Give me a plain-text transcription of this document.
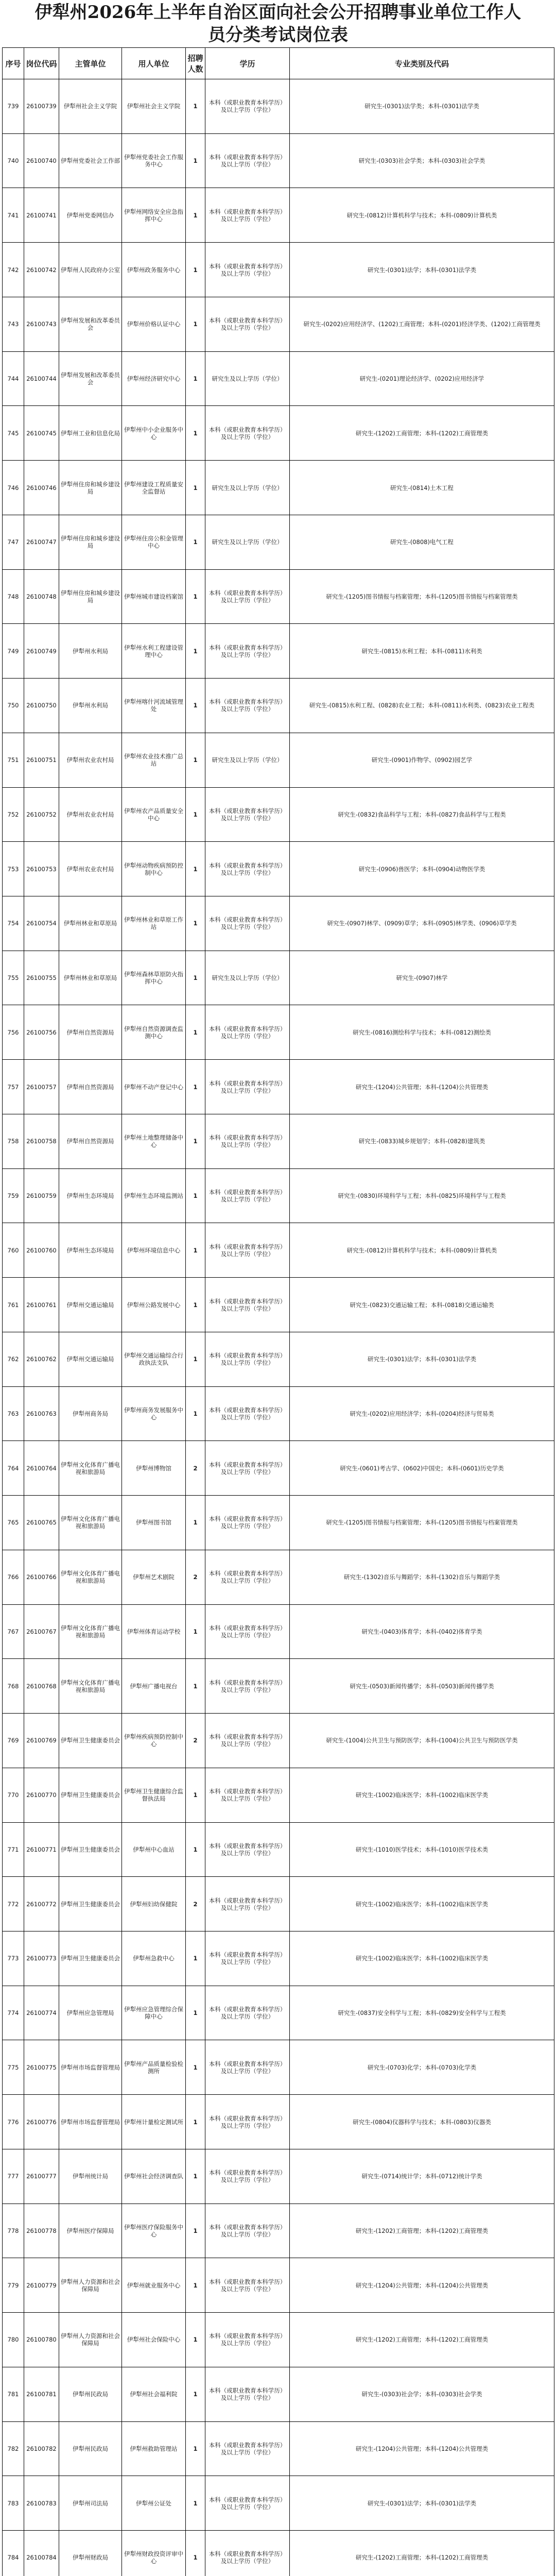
伊犁州2026年上半年自治区面向社会公开招聘事业单位工作人员分类考试岗位表
序号	岗位代码	主管单位	用人单位	招聘人数	学历	专业类别及代码
739	26100739	伊犁州社会主义学院	伊犁州社会主义学院	1	本科（或职业教育本科学历）及以上学历（学位）	研究生-(0301)法学类；本科-(0301)法学类
740	26100740	伊犁州党委社会工作部	伊犁州党委社会工作服务中心	1	本科（或职业教育本科学历）及以上学历（学位）	研究生-(0303)社会学类；本科-(0303)社会学类
741	26100741	伊犁州党委网信办	伊犁州网络安全应急指挥中心	1	本科（或职业教育本科学历）及以上学历（学位）	研究生-(0812)计算机科学与技术；本科-(0809)计算机类
742	26100742	伊犁州人民政府办公室	伊犁州政务服务中心	1	本科（或职业教育本科学历）及以上学历（学位）	研究生-(0301)法学；本科-(0301)法学类
743	26100743	伊犁州发展和改革委员会	伊犁州价格认证中心	1	本科（或职业教育本科学历）及以上学历（学位）	研究生-(0202)应用经济学、(1202)工商管理；本科-(0201)经济学类、(1202)工商管理类
744	26100744	伊犁州发展和改革委员会	伊犁州经济研究中心	1	研究生及以上学历（学位）	研究生-(0201)理论经济学、(0202)应用经济学
745	26100745	伊犁州工业和信息化局	伊犁州中小企业服务中心	1	本科（或职业教育本科学历）及以上学历（学位）	研究生-(1202)工商管理；本科-(1202)工商管理类
746	26100746	伊犁州住房和城乡建设局	伊犁州建设工程质量安全监督站	1	研究生及以上学历（学位）	研究生-(0814)土木工程
747	26100747	伊犁州住房和城乡建设局	伊犁州住房公积金管理中心	1	研究生及以上学历（学位）	研究生-(0808)电气工程
748	26100748	伊犁州住房和城乡建设局	伊犁州城市建设档案馆	1	本科（或职业教育本科学历）及以上学历（学位）	研究生-(1205)图书情报与档案管理；本科-(1205)图书情报与档案管理类
749	26100749	伊犁州水利局	伊犁州水利工程建设管理中心	1	本科（或职业教育本科学历）及以上学历（学位）	研究生-(0815)水利工程；本科-(0811)水利类
750	26100750	伊犁州水利局	伊犁州喀什河流域管理处	1	本科（或职业教育本科学历）及以上学历（学位）	研究生-(0815)水利工程、(0828)农业工程；本科-(0811)水利类、(0823)农业工程类
751	26100751	伊犁州农业农村局	伊犁州农业技术推广总站	1	研究生及以上学历（学位）	研究生-(0901)作物学、(0902)园艺学
752	26100752	伊犁州农业农村局	伊犁州农产品质量安全中心	1	本科（或职业教育本科学历）及以上学历（学位）	研究生-(0832)食品科学与工程；本科-(0827)食品科学与工程类
753	26100753	伊犁州农业农村局	伊犁州动物疾病预防控制中心	1	本科（或职业教育本科学历）及以上学历（学位）	研究生-(0906)兽医学；本科-(0904)动物医学类
754	26100754	伊犁州林业和草原局	伊犁州林业和草原工作站	1	本科（或职业教育本科学历）及以上学历（学位）	研究生-(0907)林学、(0909)草学；本科-(0905)林学类、(0906)草学类
755	26100755	伊犁州林业和草原局	伊犁州森林草原防火指挥中心	1	研究生及以上学历（学位）	研究生-(0907)林学
756	26100756	伊犁州自然资源局	伊犁州自然资源调查监测中心	1	本科（或职业教育本科学历）及以上学历（学位）	研究生-(0816)测绘科学与技术；本科-(0812)测绘类
757	26100757	伊犁州自然资源局	伊犁州不动产登记中心	1	本科（或职业教育本科学历）及以上学历（学位）	研究生-(1204)公共管理；本科-(1204)公共管理类
758	26100758	伊犁州自然资源局	伊犁州土地整理储备中心	1	本科（或职业教育本科学历）及以上学历（学位）	研究生-(0833)城乡规划学；本科-(0828)建筑类
759	26100759	伊犁州生态环境局	伊犁州生态环境监测站	1	本科（或职业教育本科学历）及以上学历（学位）	研究生-(0830)环境科学与工程；本科-(0825)环境科学与工程类
760	26100760	伊犁州生态环境局	伊犁州环境信息中心	1	本科（或职业教育本科学历）及以上学历（学位）	研究生-(0812)计算机科学与技术；本科-(0809)计算机类
761	26100761	伊犁州交通运输局	伊犁州公路发展中心	1	本科（或职业教育本科学历）及以上学历（学位）	研究生-(0823)交通运输工程；本科-(0818)交通运输类
762	26100762	伊犁州交通运输局	伊犁州交通运输综合行政执法支队	1	本科（或职业教育本科学历）及以上学历（学位）	研究生-(0301)法学；本科-(0301)法学类
763	26100763	伊犁州商务局	伊犁州商务发展服务中心	1	本科（或职业教育本科学历）及以上学历（学位）	研究生-(0202)应用经济学；本科-(0204)经济与贸易类
764	26100764	伊犁州文化体育广播电视和旅游局	伊犁州博物馆	2	本科（或职业教育本科学历）及以上学历（学位）	研究生-(0601)考古学、(0602)中国史；本科-(0601)历史学类
765	26100765	伊犁州文化体育广播电视和旅游局	伊犁州图书馆	1	本科（或职业教育本科学历）及以上学历（学位）	研究生-(1205)图书情报与档案管理；本科-(1205)图书情报与档案管理类
766	26100766	伊犁州文化体育广播电视和旅游局	伊犁州艺术剧院	2	本科（或职业教育本科学历）及以上学历（学位）	研究生-(1302)音乐与舞蹈学；本科-(1302)音乐与舞蹈学类
767	26100767	伊犁州文化体育广播电视和旅游局	伊犁州体育运动学校	1	本科（或职业教育本科学历）及以上学历（学位）	研究生-(0403)体育学；本科-(0402)体育学类
768	26100768	伊犁州文化体育广播电视和旅游局	伊犁州广播电视台	1	本科（或职业教育本科学历）及以上学历（学位）	研究生-(0503)新闻传播学；本科-(0503)新闻传播学类
769	26100769	伊犁州卫生健康委员会	伊犁州疾病预防控制中心	2	本科（或职业教育本科学历）及以上学历（学位）	研究生-(1004)公共卫生与预防医学；本科-(1004)公共卫生与预防医学类
770	26100770	伊犁州卫生健康委员会	伊犁州卫生健康综合监督执法局	1	本科（或职业教育本科学历）及以上学历（学位）	研究生-(1002)临床医学；本科-(1002)临床医学类
771	26100771	伊犁州卫生健康委员会	伊犁州中心血站	1	本科（或职业教育本科学历）及以上学历（学位）	研究生-(1010)医学技术；本科-(1010)医学技术类
772	26100772	伊犁州卫生健康委员会	伊犁州妇幼保健院	2	本科（或职业教育本科学历）及以上学历（学位）	研究生-(1002)临床医学；本科-(1002)临床医学类
773	26100773	伊犁州卫生健康委员会	伊犁州急救中心	1	本科（或职业教育本科学历）及以上学历（学位）	研究生-(1002)临床医学；本科-(1002)临床医学类
774	26100774	伊犁州应急管理局	伊犁州应急管理综合保障中心	1	本科（或职业教育本科学历）及以上学历（学位）	研究生-(0837)安全科学与工程；本科-(0829)安全科学与工程类
775	26100775	伊犁州市场监督管理局	伊犁州产品质量检验检测所	1	本科（或职业教育本科学历）及以上学历（学位）	研究生-(0703)化学；本科-(0703)化学类
776	26100776	伊犁州市场监督管理局	伊犁州计量检定测试所	1	本科（或职业教育本科学历）及以上学历（学位）	研究生-(0804)仪器科学与技术；本科-(0803)仪器类
777	26100777	伊犁州统计局	伊犁州社会经济调查队	1	本科（或职业教育本科学历）及以上学历（学位）	研究生-(0714)统计学；本科-(0712)统计学类
778	26100778	伊犁州医疗保障局	伊犁州医疗保险服务中心	1	本科（或职业教育本科学历）及以上学历（学位）	研究生-(1202)工商管理；本科-(1202)工商管理类
779	26100779	伊犁州人力资源和社会保障局	伊犁州就业服务中心	1	本科（或职业教育本科学历）及以上学历（学位）	研究生-(1204)公共管理；本科-(1204)公共管理类
780	26100780	伊犁州人力资源和社会保障局	伊犁州社会保险中心	1	本科（或职业教育本科学历）及以上学历（学位）	研究生-(1202)工商管理；本科-(1202)工商管理类
781	26100781	伊犁州民政局	伊犁州社会福利院	1	本科（或职业教育本科学历）及以上学历（学位）	研究生-(0303)社会学；本科-(0303)社会学类
782	26100782	伊犁州民政局	伊犁州救助管理站	1	本科（或职业教育本科学历）及以上学历（学位）	研究生-(1204)公共管理；本科-(1204)公共管理类
783	26100783	伊犁州司法局	伊犁州公证处	1	本科（或职业教育本科学历）及以上学历（学位）	研究生-(0301)法学；本科-(0301)法学类
784	26100784	伊犁州财政局	伊犁州财政投资评审中心	1	本科（或职业教育本科学历）及以上学历（学位）	研究生-(1202)工商管理；本科-(1202)工商管理类
